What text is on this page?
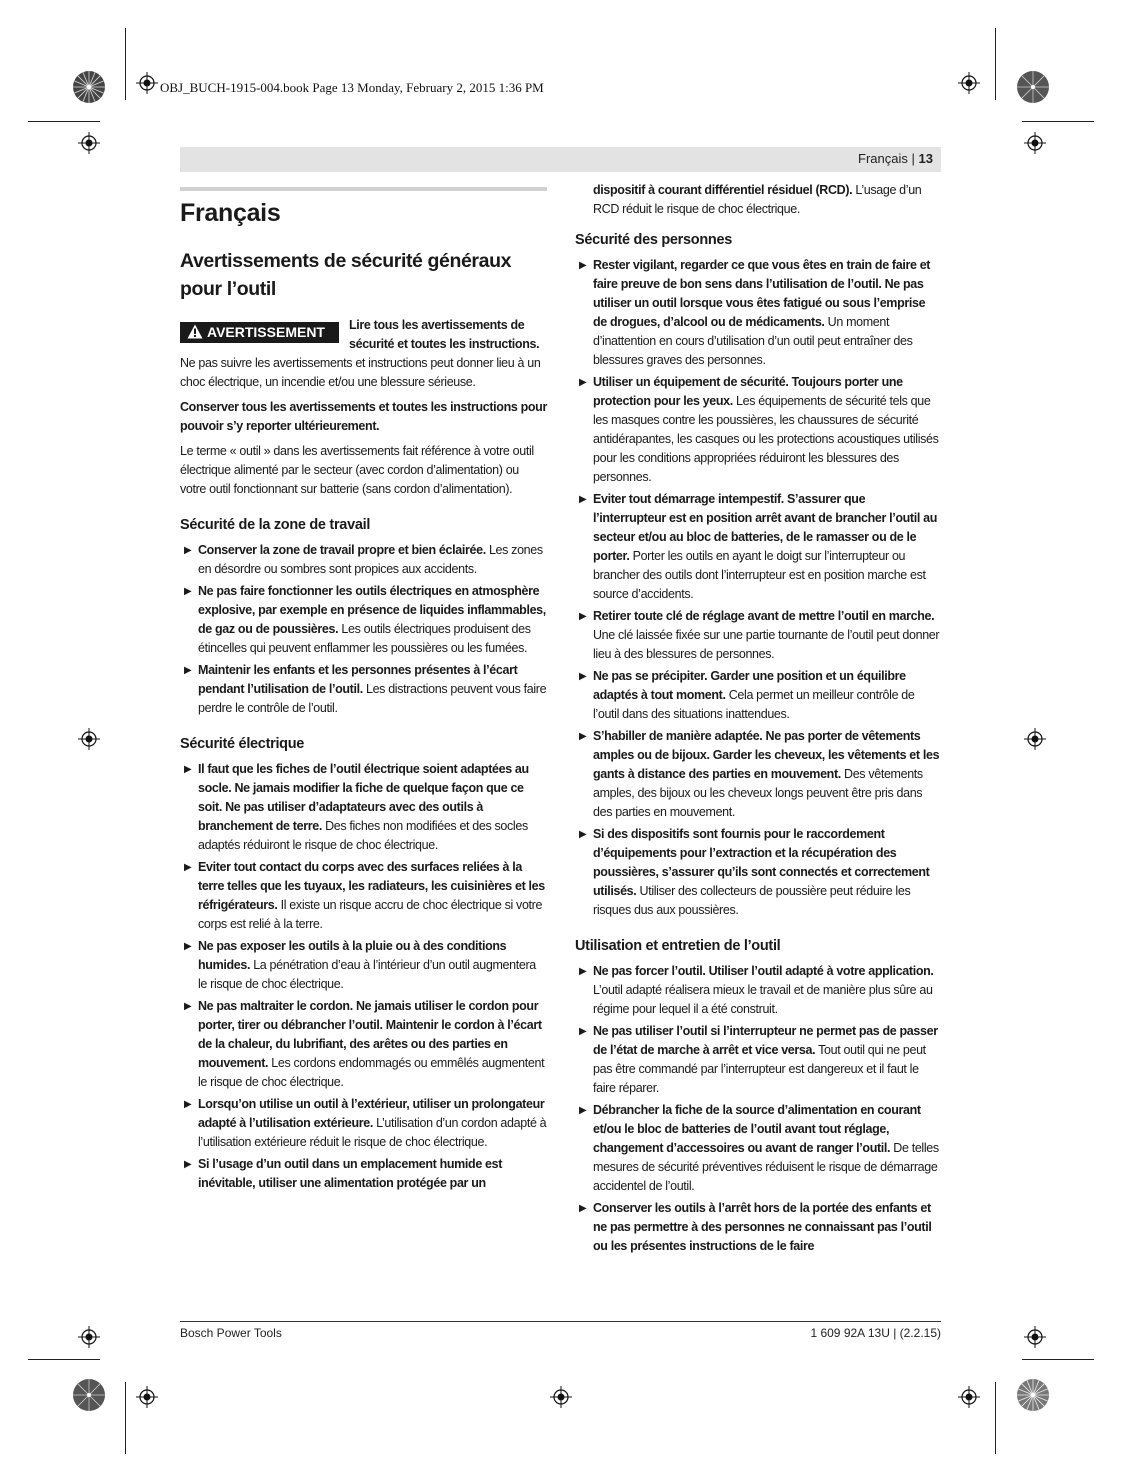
OBJ_BUCH-1915-004.book Page 13 Monday, February 2, 2015 1:36 PM
Français | 13
Français
Avertissements de sécurité généraux pour l’outil
AVERTISSEMENT	Lire tous les avertissements de sécurité et toutes les instructions. Ne pas suivre les avertissements et instructions peut donner lieu à un choc électrique, un incendie et/ou une blessure sérieuse.

Conserver tous les avertissements et toutes les instructions pour pouvoir s’y reporter ultérieurement.

Le terme « outil » dans les avertissements fait référence à votre outil électrique alimenté par le secteur (avec cordon d’alimentation) ou votre outil fonctionnant sur batterie (sans cordon d’alimentation).

Sécurité de la zone de travail
▶ Conserver la zone de travail propre et bien éclairée. Les zones en désordre ou sombres sont propices aux accidents.
▶ Ne pas faire fonctionner les outils électriques en atmosphère explosive, par exemple en présence de liquides inflammables, de gaz ou de poussières. Les outils électriques produisent des étincelles qui peuvent enflammer les poussières ou les fumées.
▶ Maintenir les enfants et les personnes présentes à l’écart pendant l’utilisation de l’outil. Les distractions peuvent vous faire perdre le contrôle de l’outil.
Sécurité électrique
▶ Il faut que les fiches de l’outil électrique soient adaptées au socle. Ne jamais modifier la fiche de quelque façon que ce soit. Ne pas utiliser d’adaptateurs avec des outils à branchement de terre. Des fiches non modifiées et des socles adaptés réduiront le risque de choc électrique.
▶ Eviter tout contact du corps avec des surfaces reliées à la terre telles que les tuyaux, les radiateurs, les cuisinières et les réfrigérateurs. Il existe un risque accru de choc électrique si votre corps est relié à la terre.
▶ Ne pas exposer les outils à la pluie ou à des conditions humides. La pénétration d’eau à l’intérieur d’un outil augmentera le risque de choc électrique.
▶ Ne pas maltraiter le cordon. Ne jamais utiliser le cordon pour porter, tirer ou débrancher l’outil. Maintenir le cordon à l’écart de la chaleur, du lubrifiant, des arêtes ou des parties en mouvement. Les cordons endommagés ou emmêlés augmentent le risque de choc électrique.
▶ Lorsqu’on utilise un outil à l’extérieur, utiliser un prolongateur adapté à l’utilisation extérieure. L’utilisation d’un cordon adapté à l’utilisation extérieure réduit le risque de choc électrique.
▶ Si l’usage d’un outil dans un emplacement humide est inévitable, utiliser une alimentation protégée par un

dispositif à courant différentiel résiduel (RCD). L’usage d’un RCD réduit le risque de choc électrique.

Sécurité des personnes
▶ Rester vigilant, regarder ce que vous êtes en train de faire et faire preuve de bon sens dans l’utilisation de l’outil. Ne pas utiliser un outil lorsque vous êtes fatigué ou sous l’emprise de drogues, d’alcool ou de médicaments. Un moment d’inattention en cours d’utilisation d’un outil peut entraîner des blessures graves des personnes.
▶ Utiliser un équipement de sécurité. Toujours porter une protection pour les yeux. Les équipements de sécurité tels que les masques contre les poussières, les chaussures de sécurité antidérapantes, les casques ou les protections acoustiques utilisés pour les conditions appropriées réduiront les blessures des personnes.
▶ Eviter tout démarrage intempestif. S’assurer que l’interrupteur est en position arrêt avant de brancher l’outil au secteur et/ou au bloc de batteries, de le ramasser ou de le porter. Porter les outils en ayant le doigt sur l’interrupteur ou brancher des outils dont l’interrupteur est en position marche est source d’accidents.
▶ Retirer toute clé de réglage avant de mettre l’outil en marche. Une clé laissée fixée sur une partie tournante de l’outil peut donner lieu à des blessures de personnes.
▶ Ne pas se précipiter. Garder une position et un équilibre adaptés à tout moment. Cela permet un meilleur contrôle de l’outil dans des situations inattendues.
▶ S’habiller de manière adaptée. Ne pas porter de vêtements amples ou de bijoux. Garder les cheveux, les vêtements et les gants à distance des parties en mouvement. Des vêtements amples, des bijoux ou les cheveux longs peuvent être pris dans des parties en mouvement.
▶ Si des dispositifs sont fournis pour le raccordement d’équipements pour l’extraction et la récupération des poussières, s’assurer qu’ils sont connectés et correctement utilisés. Utiliser des collecteurs de poussière peut réduire les risques dus aux poussières.
Utilisation et entretien de l’outil
▶ Ne pas forcer l’outil. Utiliser l’outil adapté à votre application. L’outil adapté réalisera mieux le travail et de manière plus sûre au régime pour lequel il a été construit.
▶ Ne pas utiliser l’outil si l’interrupteur ne permet pas de passer de l’état de marche à arrêt et vice versa. Tout outil qui ne peut pas être commandé par l’interrupteur est dangereux et il faut le faire réparer.
▶ Débrancher la fiche de la source d’alimentation en courant et/ou le bloc de batteries de l’outil avant tout réglage, changement d’accessoires ou avant de ranger l’outil. De telles mesures de sécurité préventives réduisent le risque de démarrage accidentel de l’outil.
▶ Conserver les outils à l’arrêt hors de la portée des enfants et ne pas permettre à des personnes ne connaissant pas l’outil ou les présentes instructions de le faire
Bosch Power Tools	1 609 92A 13U | (2.2.15)
